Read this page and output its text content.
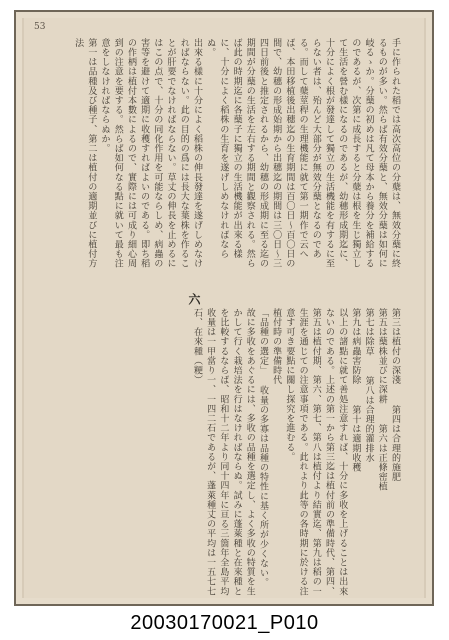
53
手に作られた稻では高次高位の分蘖は、無效分蘖に終るものが多い。然らば有效分蘖と、無效分蘖は如何に岐るゝか。分蘖の初めは凡て母本から養分を補給するのであるが、次第に成長すると分蘖は根を生じ獨立して生活を營む樣になるのであるが、幼穗形成期迄に、十分によく根が發達して獨立の生活機能を有するに至らない者は、殆んど大部分が無效分蘖となるのである。而して蘖莖稈の生理機能に就て第一期作で云へば、本田移植後出穗迄の生育期間は百〇日～百〇日の間で、幼穗の形成始期から出穗迄の期間は三〇日～三四日前後と推定されるから、幼穗の形成期に至る迄の期間が分蘖の生活を左右する期間と觀察される。然らば此の時期迄に各蘖子に獨立の生活機能が出來る樣に、十分によく稻株の生育を遂げしめなければならぬ。
出來る樣に十分によく稻株の伸長發達を遂げしめなければならない。此の目的の爲には長大な葉株を作ることが肝要でなければならない。草丈の伸長を止めるにはこの点で、十分の同化作用を可能ならしめ、病蟲の害等を避けて適期に收穫すればよいのである。即ち稻の作柄は植付本數によるので、實際には可成り細心周到の注意を要する。然らば如何なる點に就いて最も注意をしなければならぬか。
第一は品種及び種子、第二は植付の適期並びに植付方法
第三は植付の深淺　 第四は合理的施肥
第五は蘖株並びに深耕　 第六は正條密植
第七は除草　 第八は合理的灌排水
第九は病蟲害防除　 第十は適期收穫
以上の諸點に就て善処注意すれば、十分に多收を上げることは出來ないのである。上述の第一から第三迄は植付前の準備時代、第四、第五は植付期、第六、第七、第八は植付より結實迄、第九は稻の一生涯を通じての注意事項である。此れより此等の各時期に於ける注意す可き要點に關し探究を進むる。
植付時の準備時代
「品種の選定」 收量の多寡は品種の特性に基く所が少くない。故に多收をあぐるには、多收の品種を選定し、よく多收の特質を生かして行く栽培法を行はなければならぬ。試みに蓬萊種と在來種とを比較するならば、昭和十二年より同十四年に亘る三箇年全島平均收量は一甲當り一、一四二石であるが、蓬萊種丈の平均は一五七七石、在來種（粳）
六
20030170021_P010
